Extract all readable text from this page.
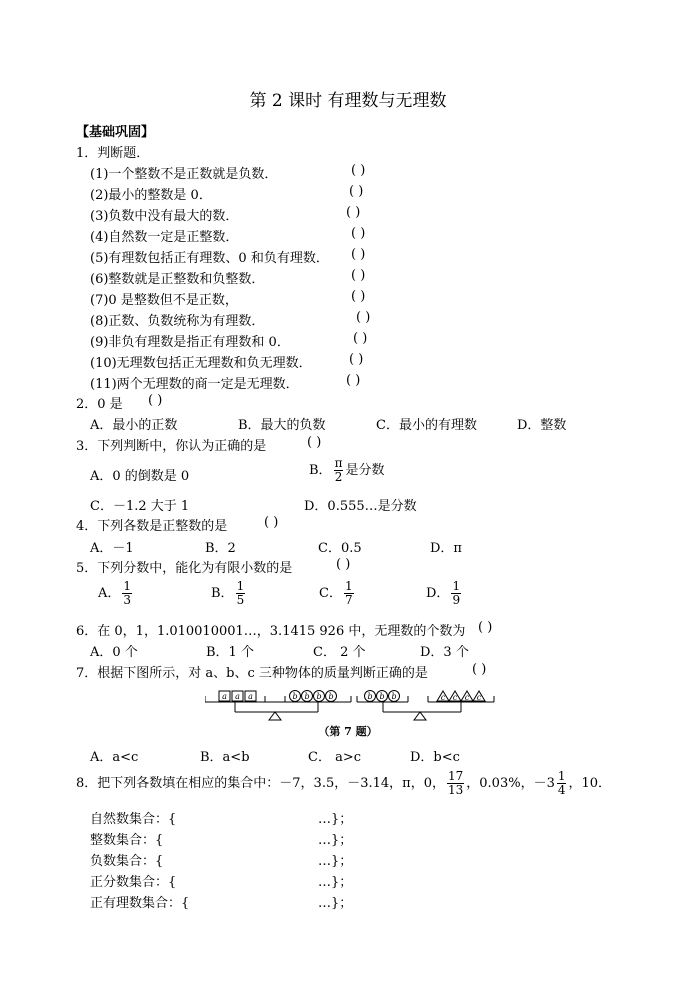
第 2 课时 有理数与无理数
【基础巩固】
1．判断题．
(1)一个整数不是正数就是负数．	( )
(2)最小的整数是 0．	( )
(3)负数中没有最大的数．	( )
(4)自然数一定是正整数．	( )
(5)有理数包括正有理数、0 和负有理数． ( )
(6)整数就是正整数和负整数．	( )
(7)0 是整数但不是正数，	( )
(8)正数、负数统称为有理数．	( )
(9)非负有理数是指正有理数和 0．	( )
(10)无理数包括正无理数和负无理数．	( )
(11)两个无理数的商一定是无理数．	( )
2．0 是 ( )
A．最小的正数	B．最大的负数	C．最小的有理数	D．整数
3．下列判断中，你认为正确的是	( )
A．0 的倒数是 0	B． $\frac{\pi}{2}$ 是分数
C．－1.2 大于 1	D．0.555…是分数
4．下列各数是正整数的是	( )
A．－1	B．2	C．0.5	D．π
5．下列分数中，能化为有限小数的是	( )
A． $\frac{1}{3}$	B． $\frac{1}{5}$	C． $\frac{1}{7}$	D． $\frac{1}{9}$
6．在 0，1，1.010010001…，3.1415 926 中，无理数的个数为 ( )
A．0 个	B．1 个	C． 2 个	D．3 个
7．根据下图所示，对 a、b、c 三种物体的质量判断正确的是	( )
a a a	b b b b	b b b	c c c c
（第 7 题）
A．a<c	B．a<b	C． a>c	D．b<c
8．把下列各数填在相应的集合中：－7，3.5，－3.14，π，0， $\frac{17}{13}$ ，0.03%，$-3 \frac{1}{4}$ ，10．
自然数集合：{	…}；
整数集合：{	…}；
负数集合：{	…}；
正分数集合：{	…}；
正有理数集合：{	…}；
